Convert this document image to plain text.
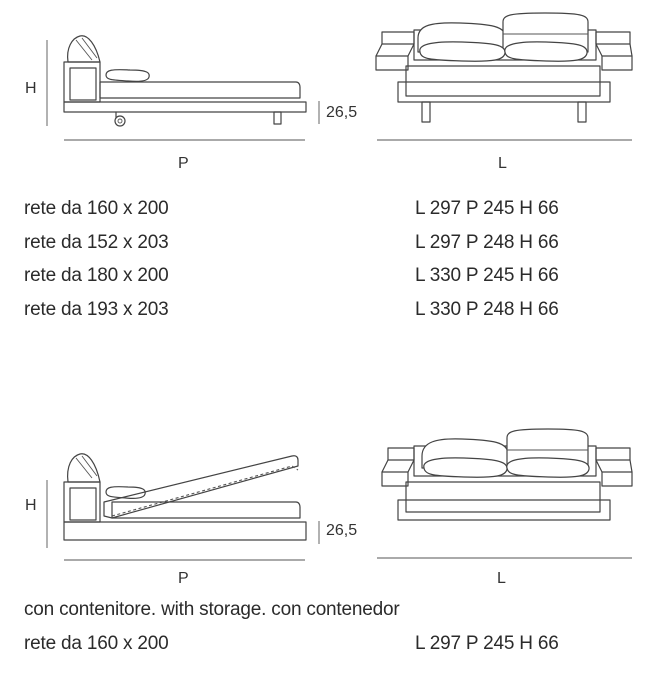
H
26,5
P	L
rete da 160 x 200	L 297 P 245 H 66
rete da 152 x 203	L 297 P 248 H 66
rete da 180 x 200	L 330 P 245 H 66
rete da 193 x 203	L 330 P 248 H 66
H
26,5
P	L
con contenitore. with storage. con contenedor
rete da 160 x 200	L 297 P 245 H 66
